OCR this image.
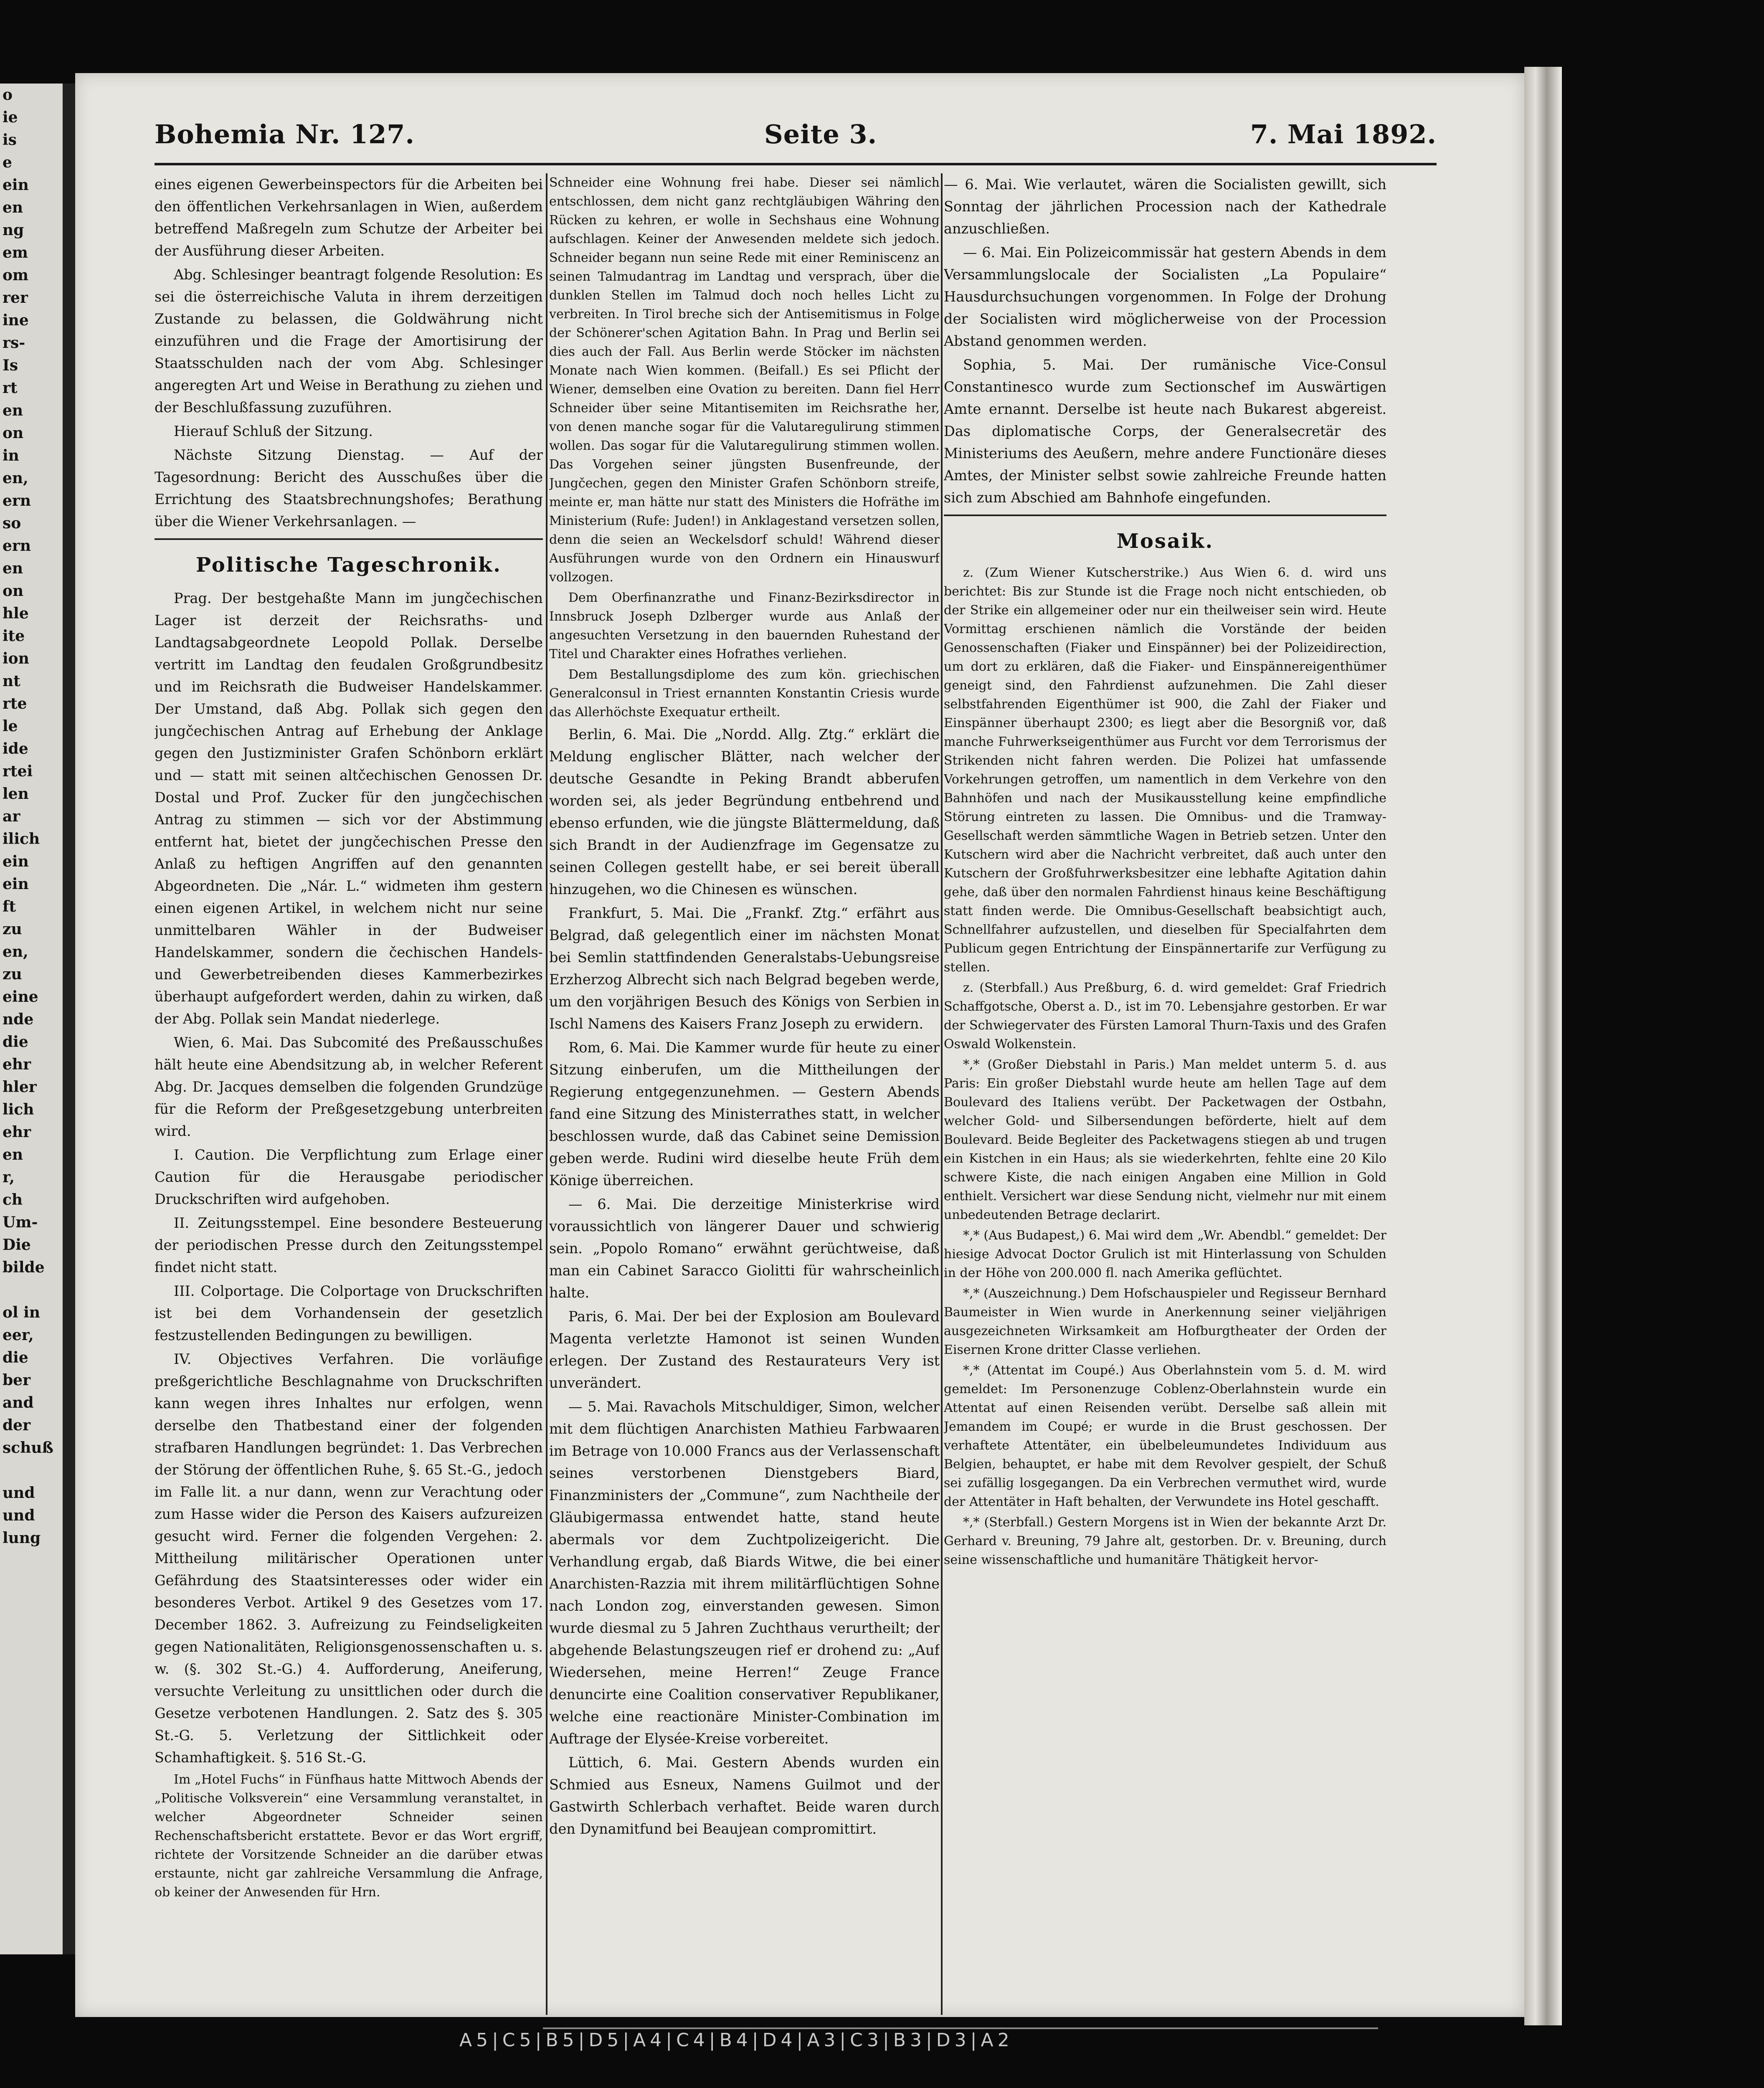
o
ie
is
e
ein
en
ng
em
om
rer
ine
rs-
Is
rt
en
on
in
en,
ern
so
ern
en
on
hle
ite
ion
nt
rte
le
ide
rtei
len
ar
ilich
ein
ein
ft
zu
en,
zu
eine
nde
die
ehr
hler
lich
ehr
en
r,
ch
Um-
Die
bilde

ol in
eer,
die
ber
and
der
schuß

und
und
lung
Bohemia Nr. 127.	Seite 3.	7. Mai 1892.

eines eigenen Gewerbeinspectors für die Arbeiten bei den öffentlichen Verkehrsanlagen in Wien, außerdem betreffend Maßregeln zum Schutze der Arbeiter bei der Ausführung dieser Arbeiten.

Abg. Schlesinger beantragt folgende Resolution: Es sei die österreichische Valuta in ihrem derzeitigen Zustande zu belassen, die Goldwährung nicht einzuführen und die Frage der Amortisirung der Staatsschulden nach der vom Abg. Schlesinger angeregten Art und Weise in Berathung zu ziehen und der Beschlußfassung zuzuführen.

Hierauf Schluß der Sitzung.

Nächste Sitzung Dienstag. — Auf der Tagesordnung: Bericht des Ausschußes über die Errichtung des Staatsbrechnungshofes; Berathung über die Wiener Verkehrsanlagen. —

Politische Tageschronik.

Prag. Der bestgehaßte Mann im jungčechischen Lager ist derzeit der Reichsraths- und Landtagsabgeordnete Leopold Pollak. Derselbe vertritt im Landtag den feudalen Großgrundbesitz und im Reichsrath die Budweiser Handelskammer. Der Umstand, daß Abg. Pollak sich gegen den jungčechischen Antrag auf Erhebung der Anklage gegen den Justizminister Grafen Schönborn erklärt und — statt mit seinen altčechischen Genossen Dr. Dostal und Prof. Zucker für den jungčechischen Antrag zu stimmen — sich vor der Abstimmung entfernt hat, bietet der jungčechischen Presse den Anlaß zu heftigen Angriffen auf den genannten Abgeordneten. Die „Nár. L.“ widmeten ihm gestern einen eigenen Artikel, in welchem nicht nur seine unmittelbaren Wähler in der Budweiser Handelskammer, sondern die čechischen Handels- und Gewerbetreibenden dieses Kammerbezirkes überhaupt aufgefordert werden, dahin zu wirken, daß der Abg. Pollak sein Mandat niederlege.

Wien, 6. Mai. Das Subcomité des Preßausschußes hält heute eine Abendsitzung ab, in welcher Referent Abg. Dr. Jacques demselben die folgenden Grundzüge für die Reform der Preßgesetzgebung unterbreiten wird.

I. Caution. Die Verpflichtung zum Erlage einer Caution für die Herausgabe periodischer Druckschriften wird aufgehoben.

II. Zeitungsstempel. Eine besondere Besteuerung der periodischen Presse durch den Zeitungsstempel findet nicht statt.

III. Colportage. Die Colportage von Druckschriften ist bei dem Vorhandensein der gesetzlich festzustellenden Bedingungen zu bewilligen.

IV. Objectives Verfahren. Die vorläufige preßgerichtliche Beschlagnahme von Druckschriften kann wegen ihres Inhaltes nur erfolgen, wenn derselbe den Thatbestand einer der folgenden strafbaren Handlungen begründet: 1. Das Verbrechen der Störung der öffentlichen Ruhe, §. 65 St.-G., jedoch im Falle lit. a nur dann, wenn zur Verachtung oder zum Hasse wider die Person des Kaisers aufzureizen gesucht wird. Ferner die folgenden Vergehen: 2. Mittheilung militärischer Operationen unter Gefährdung des Staatsinteresses oder wider ein besonderes Verbot. Artikel 9 des Gesetzes vom 17. December 1862. 3. Aufreizung zu Feindseligkeiten gegen Nationalitäten, Religionsgenossenschaften u. s. w. (§. 302 St.-G.) 4. Aufforderung, Aneiferung, versuchte Verleitung zu unsittlichen oder durch die Gesetze verbotenen Handlungen. 2. Satz des §. 305 St.-G. 5. Verletzung der Sittlichkeit oder Schamhaftigkeit. §. 516 St.-G.

Im „Hotel Fuchs“ in Fünfhaus hatte Mittwoch Abends der „Politische Volksverein“ eine Versammlung veranstaltet, in welcher Abgeordneter Schneider seinen Rechenschaftsbericht erstattete. Bevor er das Wort ergriff, richtete der Vorsitzende Schneider an die darüber etwas erstaunte, nicht gar zahlreiche Versammlung die Anfrage, ob keiner der Anwesenden für Hrn.

Schneider eine Wohnung frei habe. Dieser sei nämlich entschlossen, dem nicht ganz rechtgläubigen Währing den Rücken zu kehren, er wolle in Sechshaus eine Wohnung aufschlagen. Keiner der Anwesenden meldete sich jedoch. Schneider begann nun seine Rede mit einer Reminiscenz an seinen Talmudantrag im Landtag und versprach, über die dunklen Stellen im Talmud doch noch helles Licht zu verbreiten. In Tirol breche sich der Antisemitismus in Folge der Schönerer'schen Agitation Bahn. In Prag und Berlin sei dies auch der Fall. Aus Berlin werde Stöcker im nächsten Monate nach Wien kommen. (Beifall.) Es sei Pflicht der Wiener, demselben eine Ovation zu bereiten. Dann fiel Herr Schneider über seine Mitantisemiten im Reichsrathe her, von denen manche sogar für die Valutaregulirung stimmen wollen. Das sogar für die Valutaregulirung stimmen wollen. Das Vorgehen seiner jüngsten Busenfreunde, der Jungčechen, gegen den Minister Grafen Schönborn streife, meinte er, man hätte nur statt des Ministers die Hofräthe im Ministerium (Rufe: Juden!) in Anklagestand versetzen sollen, denn die seien an Weckelsdorf schuld! Während dieser Ausführungen wurde von den Ordnern ein Hinauswurf vollzogen.

Dem Oberfinanzrathe und Finanz-Bezirksdirector in Innsbruck Joseph Dzlberger wurde aus Anlaß der angesuchten Versetzung in den bauernden Ruhestand der Titel und Charakter eines Hofrathes verliehen.

Dem Bestallungsdiplome des zum kön. griechischen Generalconsul in Triest ernannten Konstantin Criesis wurde das Allerhöchste Exequatur ertheilt.

Berlin, 6. Mai. Die „Nordd. Allg. Ztg.“ erklärt die Meldung englischer Blätter, nach welcher der deutsche Gesandte in Peking Brandt abberufen worden sei, als jeder Begründung entbehrend und ebenso erfunden, wie die jüngste Blättermeldung, daß sich Brandt in der Audienzfrage im Gegensatze zu seinen Collegen gestellt habe, er sei bereit überall hinzugehen, wo die Chinesen es wünschen.

Frankfurt, 5. Mai. Die „Frankf. Ztg.“ erfährt aus Belgrad, daß gelegentlich einer im nächsten Monat bei Semlin stattfindenden Generalstabs-Uebungsreise Erzherzog Albrecht sich nach Belgrad begeben werde, um den vorjährigen Besuch des Königs von Serbien in Ischl Namens des Kaisers Franz Joseph zu erwidern.

Rom, 6. Mai. Die Kammer wurde für heute zu einer Sitzung einberufen, um die Mittheilungen der Regierung entgegenzunehmen. — Gestern Abends fand eine Sitzung des Ministerrathes statt, in welcher beschlossen wurde, daß das Cabinet seine Demission geben werde. Rudini wird dieselbe heute Früh dem Könige überreichen.

— 6. Mai. Die derzeitige Ministerkrise wird voraussichtlich von längerer Dauer und schwierig sein. „Popolo Romano“ erwähnt gerüchtweise, daß man ein Cabinet Saracco Giolitti für wahrscheinlich halte.

Paris, 6. Mai. Der bei der Explosion am Boulevard Magenta verletzte Hamonot ist seinen Wunden erlegen. Der Zustand des Restaurateurs Very ist unverändert.

— 5. Mai. Ravachols Mitschuldiger, Simon, welcher mit dem flüchtigen Anarchisten Mathieu Farbwaaren im Betrage von 10.000 Francs aus der Verlassenschaft seines verstorbenen Dienstgebers Biard, Finanzministers der „Commune“, zum Nachtheile der Gläubigermassa entwendet hatte, stand heute abermals vor dem Zuchtpolizeigericht. Die Verhandlung ergab, daß Biards Witwe, die bei einer Anarchisten-Razzia mit ihrem militärflüchtigen Sohne nach London zog, einverstanden gewesen. Simon wurde diesmal zu 5 Jahren Zuchthaus verurtheilt; der abgehende Belastungszeugen rief er drohend zu: „Auf Wiedersehen, meine Herren!“ Zeuge France denuncirte eine Coalition conservativer Republikaner, welche eine reactionäre Minister-Combination im Auftrage der Elysée-Kreise vorbereitet.

Lüttich, 6. Mai. Gestern Abends wurden ein Schmied aus Esneux, Namens Guilmot und der Gastwirth Schlerbach verhaftet. Beide waren durch den Dynamitfund bei Beaujean compromittirt.

— 6. Mai. Wie verlautet, wären die Socialisten gewillt, sich Sonntag der jährlichen Procession nach der Kathedrale anzuschließen.

— 6. Mai. Ein Polizeicommissär hat gestern Abends in dem Versammlungslocale der Socialisten „La Populaire“ Hausdurchsuchungen vorgenommen. In Folge der Drohung der Socialisten wird möglicherweise von der Procession Abstand genommen werden.

Sophia, 5. Mai. Der rumänische Vice-Consul Constantinesco wurde zum Sectionschef im Auswärtigen Amte ernannt. Derselbe ist heute nach Bukarest abgereist. Das diplomatische Corps, der Generalsecretär des Ministeriums des Aeußern, mehre andere Functionäre dieses Amtes, der Minister selbst sowie zahlreiche Freunde hatten sich zum Abschied am Bahnhofe eingefunden.

Mosaik.

z. (Zum Wiener Kutscherstrike.) Aus Wien 6. d. wird uns berichtet: Bis zur Stunde ist die Frage noch nicht entschieden, ob der Strike ein allgemeiner oder nur ein theilweiser sein wird. Heute Vormittag erschienen nämlich die Vorstände der beiden Genossenschaften (Fiaker und Einspänner) bei der Polizeidirection, um dort zu erklären, daß die Fiaker- und Einspännereigenthümer geneigt sind, den Fahrdienst aufzunehmen. Die Zahl dieser selbstfahrenden Eigenthümer ist 900, die Zahl der Fiaker und Einspänner überhaupt 2300; es liegt aber die Besorgniß vor, daß manche Fuhrwerkseigenthümer aus Furcht vor dem Terrorismus der Strikenden nicht fahren werden. Die Polizei hat umfassende Vorkehrungen getroffen, um namentlich in dem Verkehre von den Bahnhöfen und nach der Musikausstellung keine empfindliche Störung eintreten zu lassen. Die Omnibus- und die Tramway-Gesellschaft werden sämmtliche Wagen in Betrieb setzen. Unter den Kutschern wird aber die Nachricht verbreitet, daß auch unter den Kutschern der Großfuhrwerksbesitzer eine lebhafte Agitation dahin gehe, daß über den normalen Fahrdienst hinaus keine Beschäftigung statt finden werde. Die Omnibus-Gesellschaft beabsichtigt auch, Schnellfahrer aufzustellen, und dieselben für Specialfahrten dem Publicum gegen Entrichtung der Einspännertarife zur Verfügung zu stellen.

z. (Sterbfall.) Aus Preßburg, 6. d. wird gemeldet: Graf Friedrich Schaffgotsche, Oberst a. D., ist im 70. Lebensjahre gestorben. Er war der Schwiegervater des Fürsten Lamoral Thurn-Taxis und des Grafen Oswald Wolkenstein.

*,* (Großer Diebstahl in Paris.) Man meldet unterm 5. d. aus Paris: Ein großer Diebstahl wurde heute am hellen Tage auf dem Boulevard des Italiens verübt. Der Packetwagen der Ostbahn, welcher Gold- und Silbersendungen beförderte, hielt auf dem Boulevard. Beide Begleiter des Packetwagens stiegen ab und trugen ein Kistchen in ein Haus; als sie wiederkehrten, fehlte eine 20 Kilo schwere Kiste, die nach einigen Angaben eine Million in Gold enthielt. Versichert war diese Sendung nicht, vielmehr nur mit einem unbedeutenden Betrage declarirt.

*,* (Aus Budapest,) 6. Mai wird dem „Wr. Abendbl.“ gemeldet: Der hiesige Advocat Doctor Grulich ist mit Hinterlassung von Schulden in der Höhe von 200.000 fl. nach Amerika geflüchtet.

*,* (Auszeichnung.) Dem Hofschauspieler und Regisseur Bernhard Baumeister in Wien wurde in Anerkennung seiner vieljährigen ausgezeichneten Wirksamkeit am Hofburgtheater der Orden der Eisernen Krone dritter Classe verliehen.

*,* (Attentat im Coupé.) Aus Oberlahnstein vom 5. d. M. wird gemeldet: Im Personenzuge Coblenz-Oberlahnstein wurde ein Attentat auf einen Reisenden verübt. Derselbe saß allein mit Jemandem im Coupé; er wurde in die Brust geschossen. Der verhaftete Attentäter, ein übelbeleumundetes Individuum aus Belgien, behauptet, er habe mit dem Revolver gespielt, der Schuß sei zufällig losgegangen. Da ein Verbrechen vermuthet wird, wurde der Attentäter in Haft behalten, der Verwundete ins Hotel geschafft.

*,* (Sterbfall.) Gestern Morgens ist in Wien der bekannte Arzt Dr. Gerhard v. Breuning, 79 Jahre alt, gestorben. Dr. v. Breuning, durch seine wissenschaftliche und humanitäre Thätigkeit hervor-

A5|C5|B5|D5|A4|C4|B4|D4|A3|C3|B3|D3|A2
